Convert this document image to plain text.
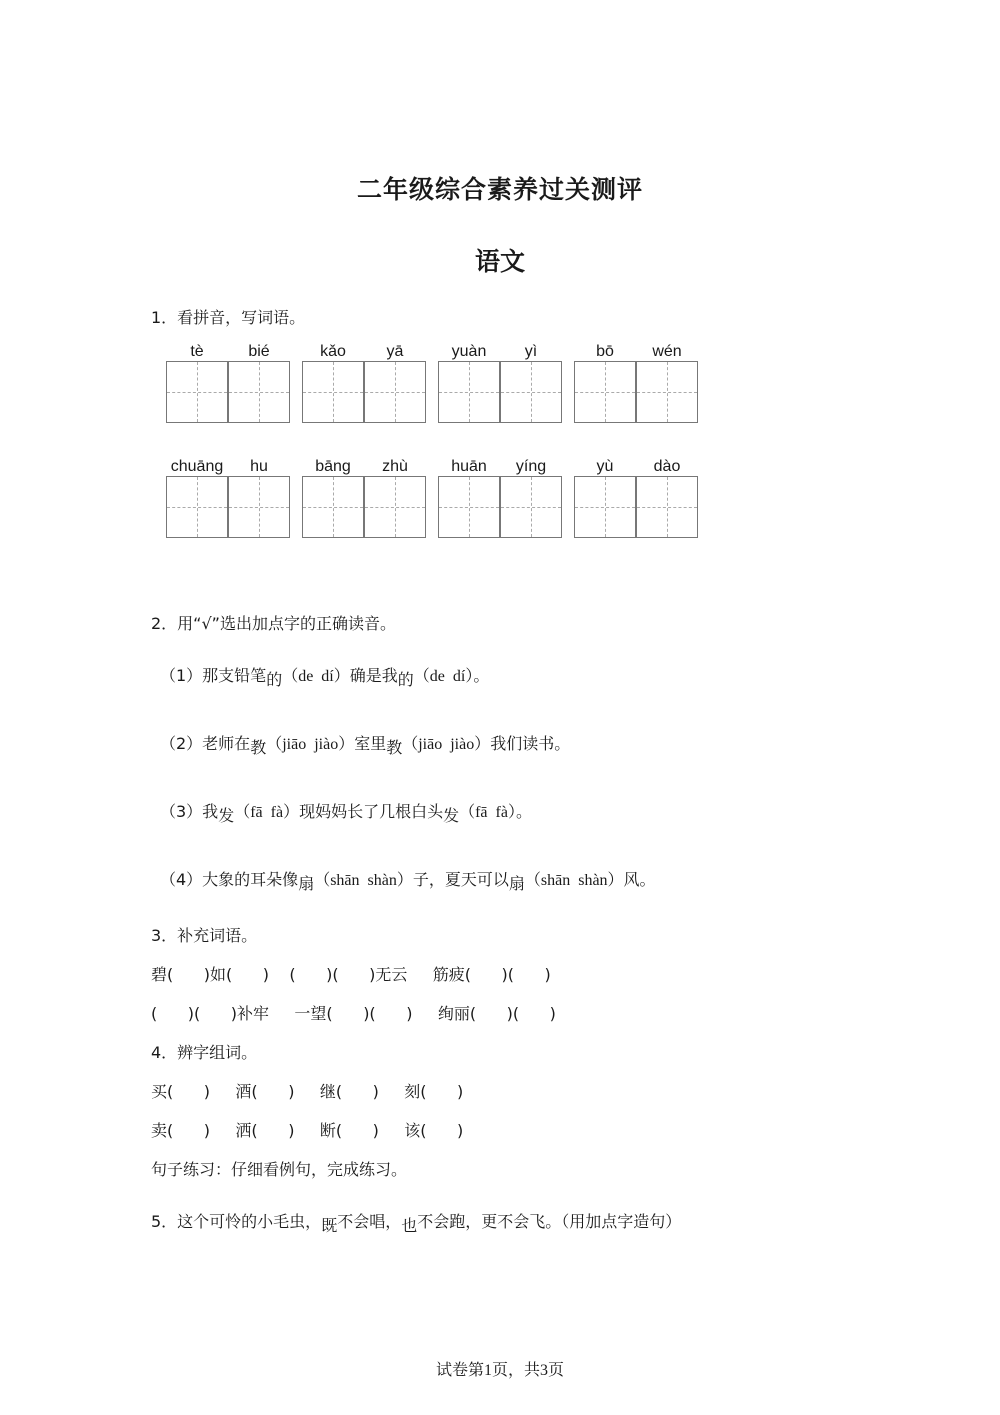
二年级综合素养过关测评
语文
1．看拼音，写词语。
tè	bié	kǎo	yā	yuàn	yì	bō	wén
chuāng	hu	bāng	zhù	huān	yíng	yù	dào
2．用“√”选出加点字的正确读音。
（1）那支铅笔的（de  dí）确是我的（de  dí）。
（2）老师在教（jiāo  jiào）室里教（jiāo  jiào）我们读书。
（3）我发（fā  fà）现妈妈长了几根白头发（fā  fà）。
（4）大象的耳朵像扇（shān  shàn）子，夏天可以扇（shān  shàn）风。
3．补充词语。
碧(      )如(      )    (      )(      )无云     筋疲(      )(      )
(      )(      )补牢     一望(      )(      )     绚丽(      )(      )
4．辨字组词。
买(      )     酒(      )     继(      )     刻(      )
卖(      )     洒(      )     断(      )     该(      )
句子练习：仔细看例句，完成练习。
5．这个可怜的小毛虫，既不会唱，也不会跑，更不会飞。（用加点字造句）
试卷第1页，共3页
